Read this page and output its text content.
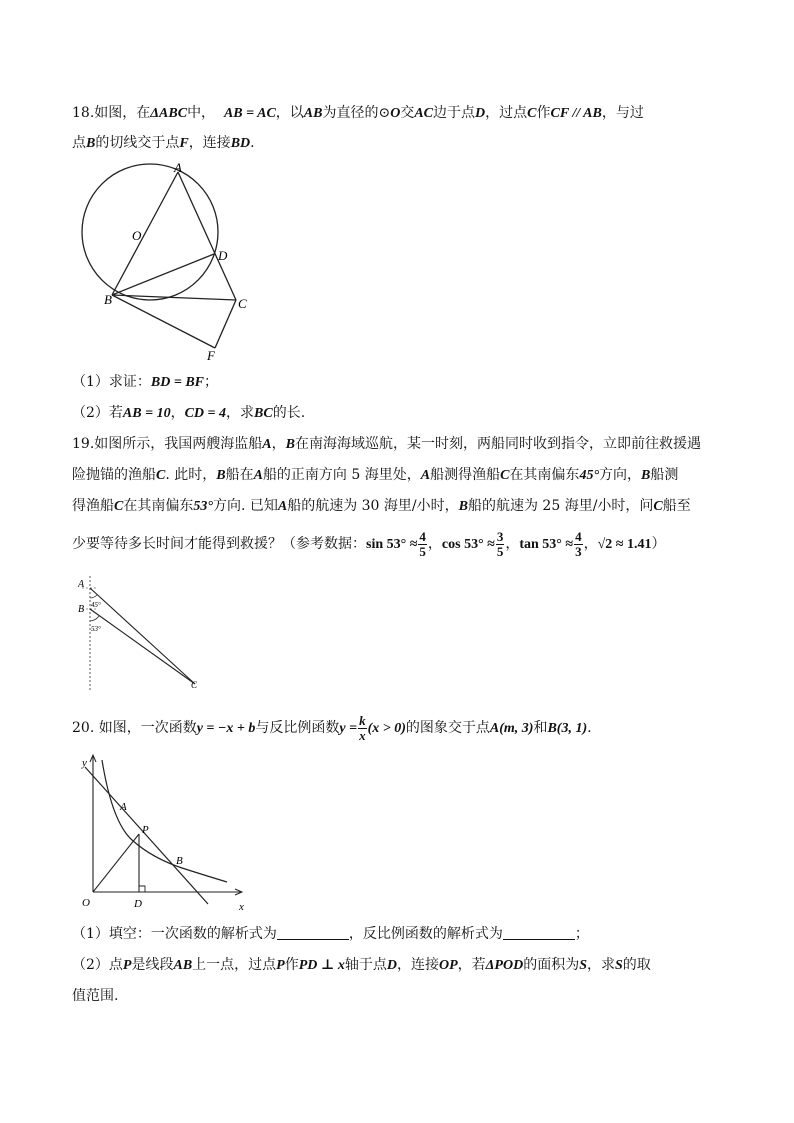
18.如图，在ΔABC中， AB = AC，以AB为直径的⊙O交AC边于点D，过点C作CF // AB，与过
点B的切线交于点F，连接BD.
A
O
D
B	C
F
（1）求证：BD = BF；
（2）若AB = 10，CD = 4，求BC的长.
19.如图所示，我国两艘海监船A，B在南海海域巡航，某一时刻，两船同时收到指令，立即前往救援遇
险抛锚的渔船C. 此时，B船在A船的正南方向 5 海里处，A船测得渔船C在其南偏东45°方向，B船测
得渔船C在其南偏东53°方向. 已知A船的航速为 30 海里/小时，B船的航速为 25 海里/小时，问C船至
少要等待多长时间才能得到救援？（参考数据：$\sin 53^\circ \approx \frac{4}{5}$ ，$\cos 53^\circ \approx \frac{3}{5}$ ，$\tan 53^\circ \approx \frac{4}{3}$ ，√2 ≈ 1.41）
A
B 45°
53°
C
20. 如图，一次函数y = −x + b与反比例函数$y = \frac{k}{x} (x > 0)$的图象交于点A(m, 3)和B(3, 1).
y
x
O
A
P
B
D
（1）填空：一次函数的解析式为	，反比例函数的解析式为	；
（2）点P是线段AB上一点，过点P作PD ⊥ x轴于点D，连接OP，若ΔPOD的面积为S，求S的取
值范围.
